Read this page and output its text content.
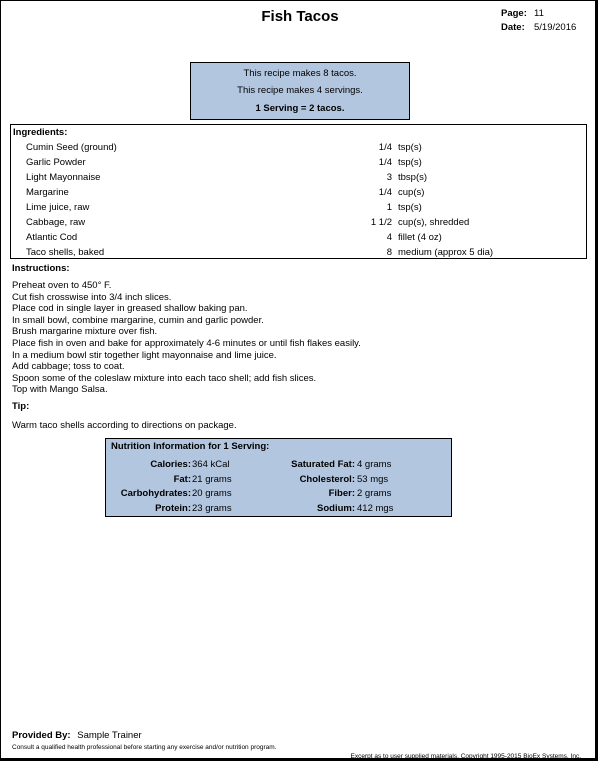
Fish Tacos	Page: 11
Date: 5/19/2016
This recipe makes 8 tacos.
This recipe makes 4 servings.
1 Serving = 2 tacos.
Ingredients:
Cumin Seed (ground)	1/4 tsp(s)
Garlic Powder	1/4 tsp(s)
Light Mayonnaise	3 tbsp(s)
Margarine	1/4 cup(s)
Lime juice, raw	1 tsp(s)
Cabbage, raw	1 1/2 cup(s), shredded
Atlantic Cod	4 fillet (4 oz)
Taco shells, baked	8 medium (approx 5 dia)
Instructions:
Preheat oven to 450° F.
Cut fish crosswise into 3/4 inch slices.
Place cod in single layer in greased shallow baking pan.
In small bowl, combine margarine, cumin and garlic powder.
Brush margarine mixture over fish.
Place fish in oven and bake for approximately 4-6 minutes or until fish flakes easily.
In a medium bowl stir together light mayonnaise and lime juice.
Add cabbage; toss to coat.
Spoon some of the coleslaw mixture into each taco shell; add fish slices.
Top with Mango Salsa.
Tip:
Warm taco shells according to directions on package.
Nutrition Information for 1 Serving:
Calories: 364 kCal
Fat: 21 grams
Carbohydrates: 20 grams
Protein: 23 grams
Saturated Fat: 4 grams
Cholesterol: 53 mgs
Fiber: 2 grams
Sodium: 412 mgs
Provided By: Sample Trainer
Consult a qualified health professional before starting any exercise and/or nutrition program.
Excerpt as to user supplied materials, Copyright 1995-2015 BioEx Systems, Inc.
